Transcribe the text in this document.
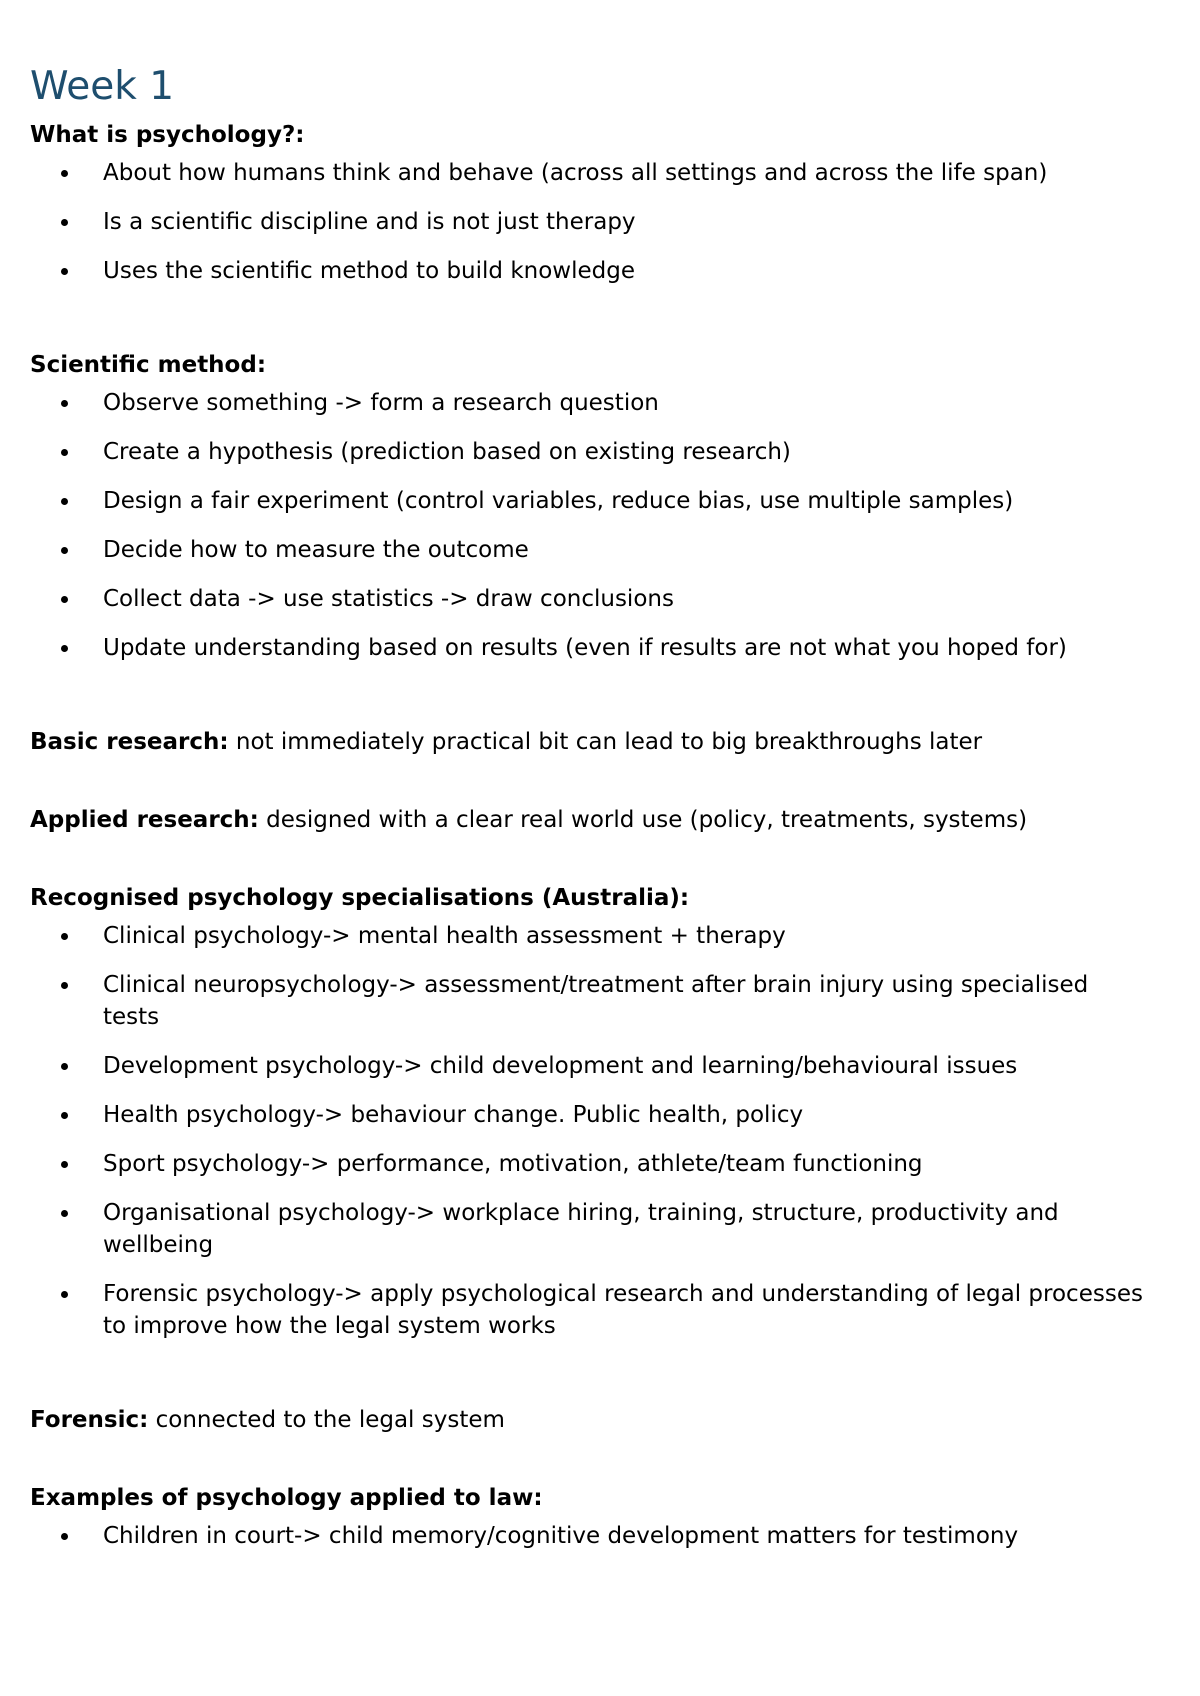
Week 1

What is psychology?:

About how humans think and behave (across all settings and across the life span)
Is a scientific discipline and is not just therapy
Uses the scientific method to build knowledge

Scientific method:

Observe something -> form a research question
Create a hypothesis (prediction based on existing research)
Design a fair experiment (control variables, reduce bias, use multiple samples)
Decide how to measure the outcome
Collect data -> use statistics -> draw conclusions
Update understanding based on results (even if results are not what you hoped for)

Basic research: not immediately practical bit can lead to big breakthroughs later

Applied research: designed with a clear real world use (policy, treatments, systems)

Recognised psychology specialisations (Australia):

Clinical psychology-> mental health assessment + therapy
Clinical neuropsychology-> assessment/treatment after brain injury using specialised tests
Development psychology-> child development and learning/behavioural issues
Health psychology-> behaviour change. Public health, policy
Sport psychology-> performance, motivation, athlete/team functioning
Organisational psychology-> workplace hiring, training, structure, productivity and wellbeing
Forensic psychology-> apply psychological research and understanding of legal processes to improve how the legal system works

Forensic: connected to the legal system

Examples of psychology applied to law:

Children in court-> child memory/cognitive development matters for testimony
